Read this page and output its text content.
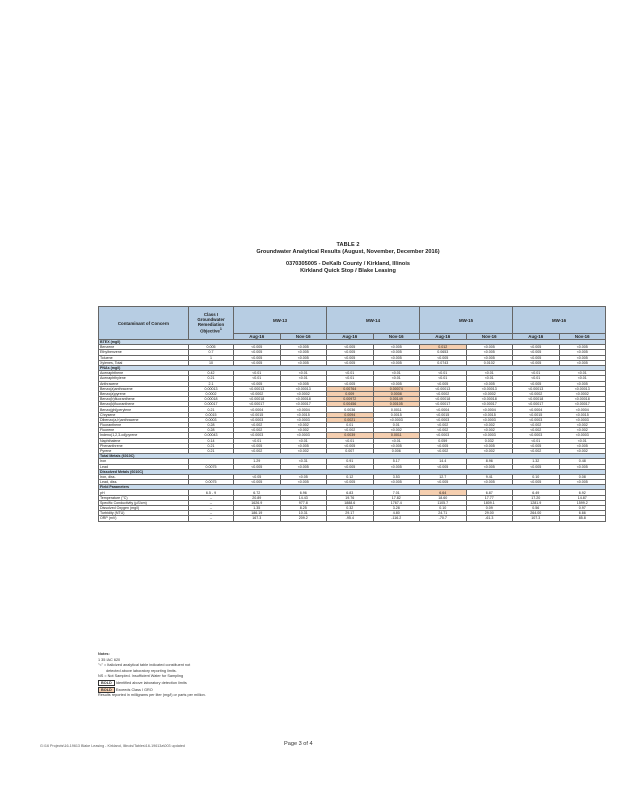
TABLE 2
Groundwater Analytical Results (August, November, December 2016)
0370305005 - DeKalb County / Kirkland, Illinois
Kirkland Quick Stop / Blake Leasing
Contaminant of Concern	Class I Groundwater Remediation Objective$^1$	MW-13		MW-14		MW-15		MW-16	
		Aug-16	Nov-16	Aug-16	Nov-16	Aug-16	Nov-16	Aug-16	Nov-16
BTEX (mg/l)									
Benzene	0.005	<0.005	<0.005	<0.005	<0.005	0.012	<0.005	<0.005	<0.005
Ethylbenzene	0.7	<0.005	<0.005	<0.005	<0.005	0.0653	<0.005	<0.005	<0.005
Toluene	1	<0.005	<0.005	<0.005	<0.005	<0.005	<0.005	<0.005	<0.005
Xylenes, Total	10	<0.005	<0.005	<0.005	<0.005	0.0743	0.0102	<0.005	<0.005
PNAs (mg/l)									
Acenaphthene	0.42	<0.01	<0.01	<0.01	<0.01	<0.01	<0.01	<0.01	<0.01
Acenaphthylene	0.21	<0.01	<0.01	<0.01	<0.01	<0.01	<0.01	<0.01	<0.01
Anthracene	2.1	<0.005	<0.005	<0.005	<0.005	<0.005	<0.005	<0.005	<0.005
Benzo(a)anthracene	0.00013	<0.00013	<0.00013	0.00764	0.00074	<0.00013	<0.00013	<0.00013	<0.00013
Benzo(a)pyrene	0.0002	<0.0002	<0.0002	0.009	0.0008	<0.0002	<0.0002	<0.0002	<0.0002
Benzo(b)fluoranthene	0.00018	<0.00018	<0.00018	0.00972	0.00149	<0.00018	<0.00018	<0.00018	<0.00018
Benzo(k)fluoranthene	0.00017	<0.00017	<0.00017	0.00456	0.00105	<0.00017	<0.00017	<0.00017	<0.00017
Benzo(ghi)perylene	0.21	<0.0004	<0.0004	0.0036	0.0011	<0.0004	<0.0004	<0.0004	<0.0004
Chrysene	0.0015	<0.0015	<0.0015	0.0094	0.0015	<0.0015	<0.0015	<0.0015	<0.0015
Dibenzo(a,h)anthracene	0.0003	<0.0003	<0.0003	0.0021	<0.0003	<0.0003	<0.0003	<0.0003	<0.0003
Fluoranthene	0.28	<0.002	<0.002	0.01	0.01	<0.002	<0.002	<0.002	<0.002
Fluorene	0.28	<0.002	<0.002	<0.002	<0.002	<0.002	<0.002	<0.002	<0.002
Indeno(1,2,3-cd)pyrene	0.00043	<0.0003	<0.0003	0.0039	0.0011	<0.0003	<0.0003	<0.0003	<0.0003
Naphthalene	0.14	<0.01	<0.01	<0.01	<0.01	0.059	0.032	<0.01	<0.01
Phenanthrene	0.21	<0.005	<0.005	<0.005	<0.005	<0.005	<0.005	<0.005	<0.005
Pyrene	0.21	<0.002	<0.002	0.007	0.006	<0.002	<0.002	<0.002	<0.002
Total Metals (6010C)									
Iron		1.29	<0.31	0.91	5.17	14.4	8.96	1.32	0.48
Lead	0.0075	<0.005	<0.005	<0.005	<0.005	<0.005	<0.005	<0.005	<0.005
Dissolved Metals (6010C)									
Iron, diss.		<0.05	<0.05	0.12	3.53	12.7	9.41	0.10	0.08
Lead, diss.	0.0075	<0.005	<0.005	<0.005	<0.005	<0.005	<0.005	<0.005	<0.005
Field Parameters									
pH	6.5 - 9	6.72	6.96	6.83	7.01	6.64	6.87	6.49	6.92
Temperature (°C)	--	20.89	14.43	19.76	17.82	18.60	17.77	17.20	14.87
Specific Conductivity (µS/cm)	--	1626.9	977.8	1888.6	1767.4	1105.7	1809.1	1281.9	1599.2
Dissolved Oxygen (mg/l)	--	1.35	8.25	0.32	3.28	0.10	0.09	0.56	0.97
Turbidity (NTU)	--	186.19	10.31	29.17	4.80	24.71	29.00	264.00	6.66
ORP (mV)	--	167.3	209.2	-95.4	-116.2	-70.7	-61.3	107.3	85.8
Notes:
1 35 IAC 620
"<" = Italicized analytical table indicated constituent not
detected above laboratory reporting limits.
NS = Not Sampled. Insufficient Water for Sampling
BOLD Identified above laboratory detection limits
BOLD Exceeds Class I GRO
Results reported in milligrams per liter (mg/l) or parts per million.
G:\16 Projects\16-19613 Blake Leasing - Kirkland, Illinois\Tables\16-19613a\003 updated	Page 3 of 4
